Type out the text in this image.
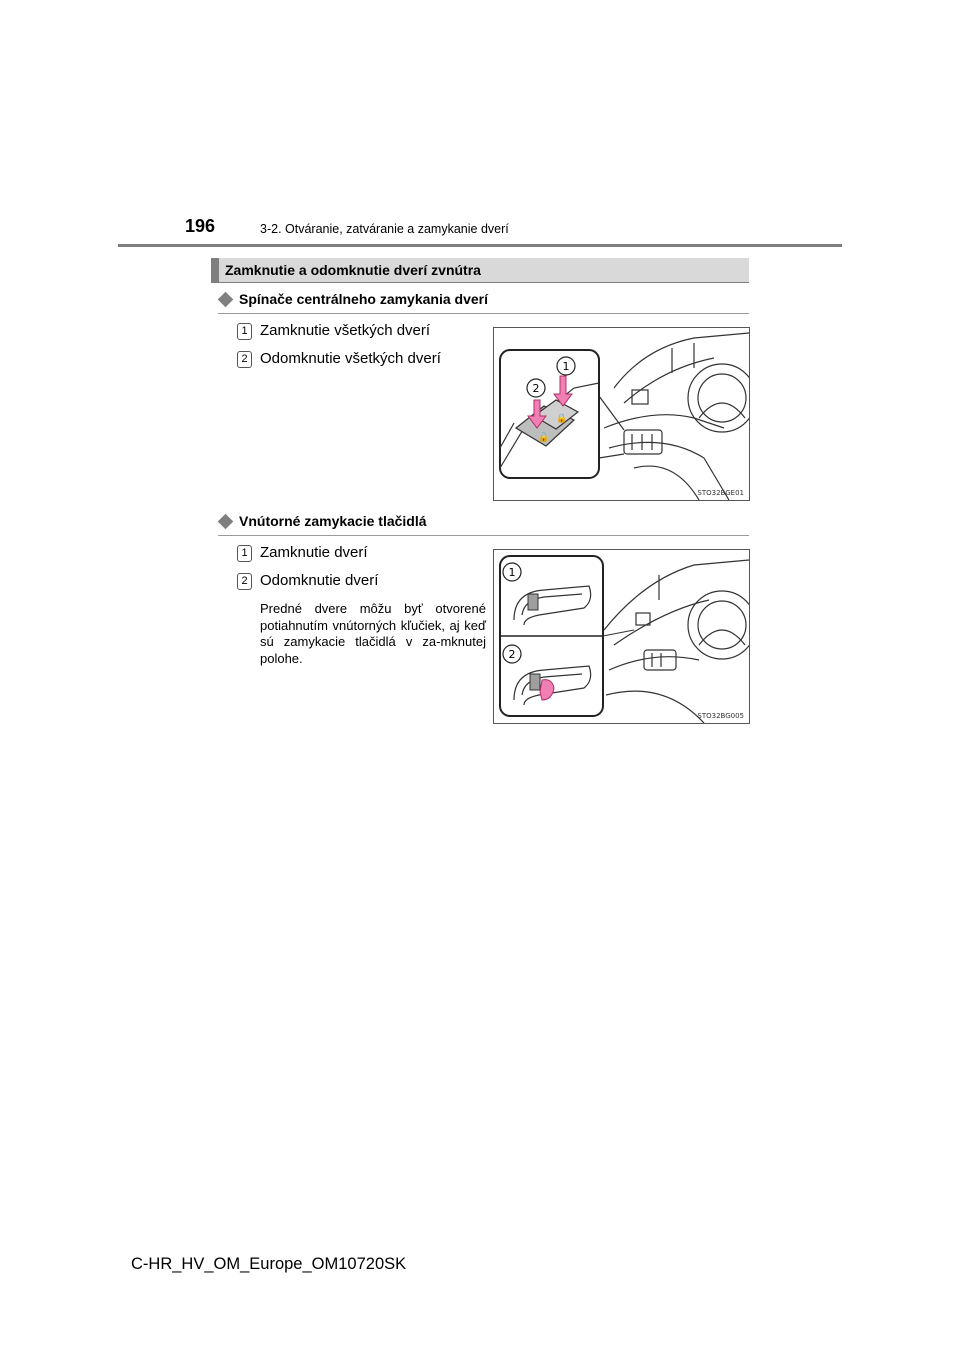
196	3-2. Otváranie, zatváranie a zamykanie dverí
Zamknutie a odomknutie dverí zvnútra
Spínače centrálneho zamykania dverí
1 Zamknutie všetkých dverí
2 Odomknutie všetkých dverí
🔓
🔒
1
2
STO32BGE01
Vnútorné zamykacie tlačidlá
1 Zamknutie dverí
2 Odomknutie dverí
Predné dvere môžu byť otvorené potiahnutím vnútorných kľučiek, aj keď sú zamykacie tlačidlá v za-mknutej polohe.
1
2
STO32BG005
C-HR_HV_OM_Europe_OM10720SK
